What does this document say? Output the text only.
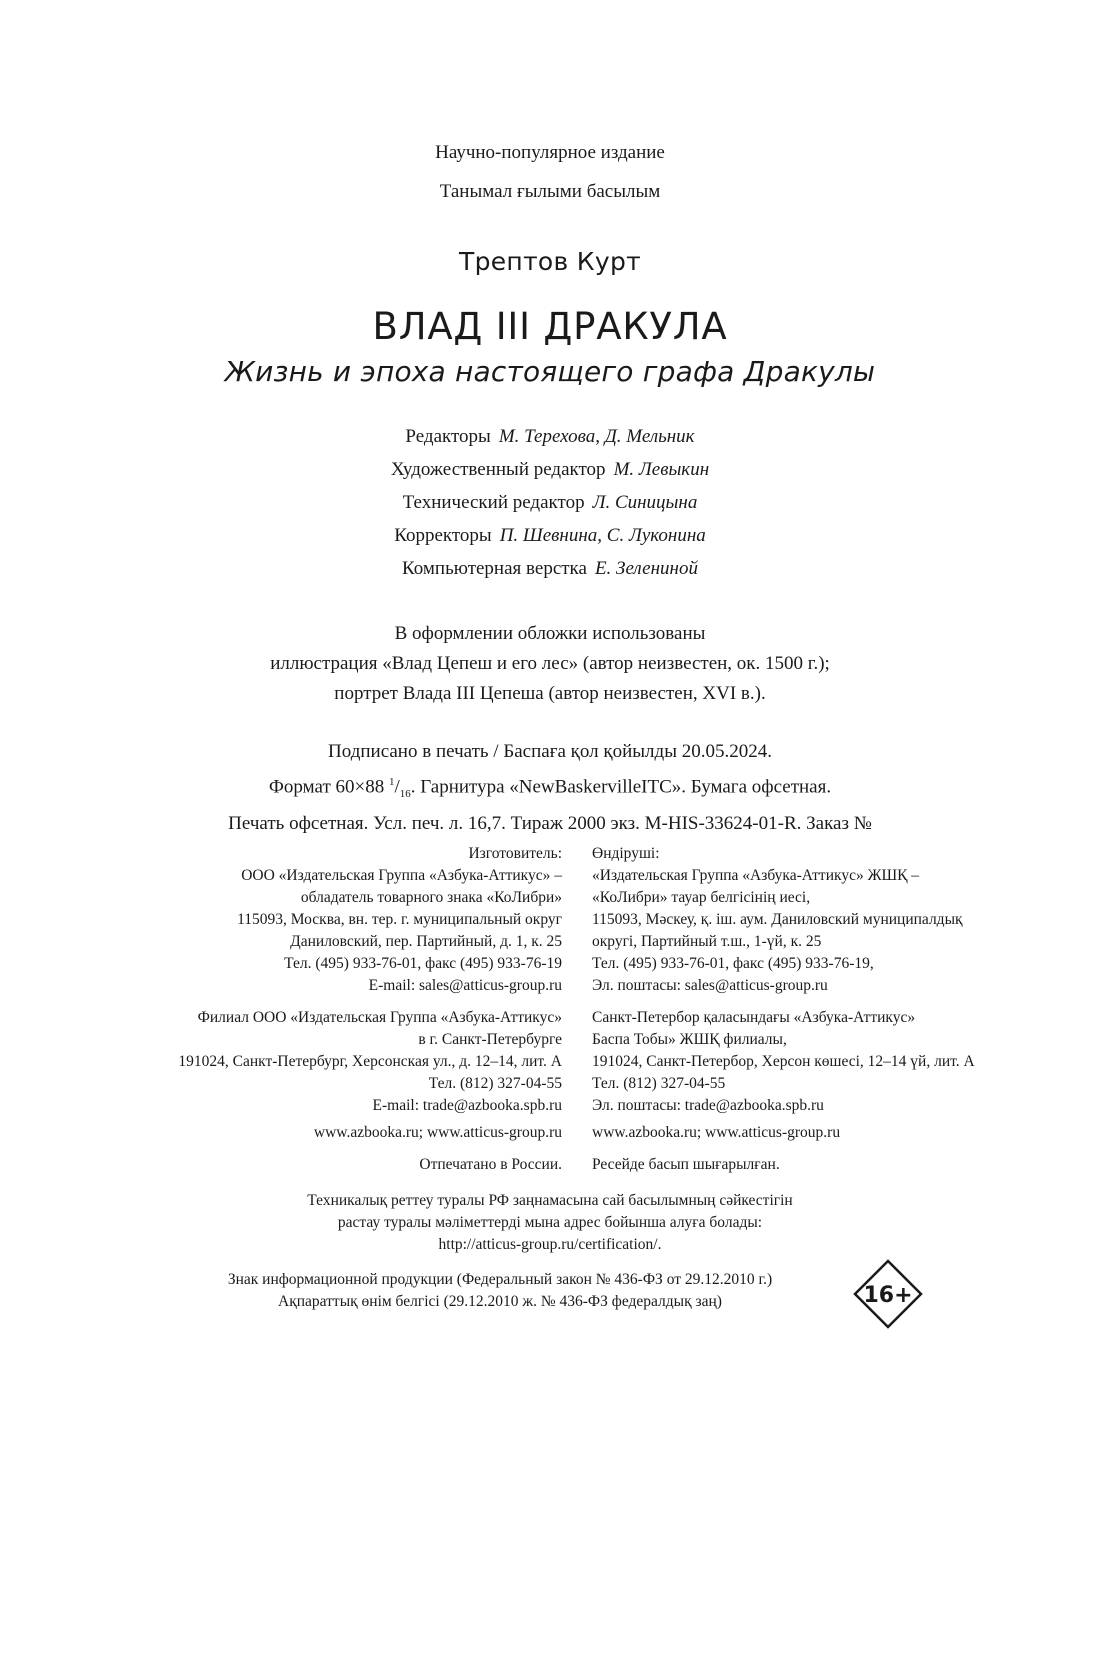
Научно-популярное издание
Танымал ғылыми басылым
Трептов Курт
ВЛАД III ДРАКУЛА
Жизнь и эпоха настоящего графа Дракулы
Редакторы М. Терехова, Д. Мельник
Художественный редактор М. Левыкин
Технический редактор Л. Синицына
Корректоры П. Шевнина, С. Луконина
Компьютерная верстка Е. Зелениной
В оформлении обложки использованы
иллюстрация «Влад Цепеш и его лес» (автор неизвестен, ок. 1500 г.);
портрет Влада III Цепеша (автор неизвестен, XVI в.).
Подписано в печать / Баспаға қол қойылды 20.05.2024.
Формат 60×88 $^1/_{16}$. Гарнитура «NewBaskervilleITC». Бумага офсетная.
Печать офсетная. Усл. печ. л. 16,7. Тираж 2000 экз. M-HIS-33624-01-R. Заказ №
Изготовитель:
ООО «Издательская Группа «Азбука-Аттикус» –
обладатель товарного знака «КоЛибри»
115093, Москва, вн. тер. г. муниципальный округ
Даниловский, пер. Партийный, д. 1, к. 25
Тел. (495) 933-76-01, факс (495) 933-76-19
E-mail: sales@atticus-group.ru
Өндіруші:
«Издательская Группа «Азбука-Аттикус» ЖШҚ –
«КоЛибри» тауар белгісінің иесі,
115093, Мәскеу, қ. іш. аум. Даниловский муниципалдық
округі, Партийный т.ш., 1-үй, к. 25
Тел. (495) 933-76-01, факс (495) 933-76-19,
Эл. поштасы: sales@atticus-group.ru
Филиал ООО «Издательская Группа «Азбука-Аттикус»
в г. Санкт-Петербурге
191024, Санкт-Петербург, Херсонская ул., д. 12–14, лит. А
Тел. (812) 327-04-55
E-mail: trade@azbooka.spb.ru
Санкт-Петербор қаласындағы «Азбука-Аттикус»
Баспа Тобы» ЖШҚ филиалы,
191024, Санкт-Петербор, Херсон көшесі, 12–14 үй, лит. А
Тел. (812) 327-04-55
Эл. поштасы: trade@azbooka.spb.ru
www.azbooka.ru; www.atticus-group.ru www.azbooka.ru; www.atticus-group.ru
Отпечатано в России. Ресейде басып шығарылған.
Техникалық реттеу туралы РФ заңнамасына сай басылымның сәйкестігін
растау туралы мәліметтерді мына адрес бойынша алуға болады:
http://atticus-group.ru/certification/.
Знак информационной продукции (Федеральный закон № 436-ФЗ от 29.12.2010 г.)
Ақпараттық өнім белгісі (29.12.2010 ж. № 436-ФЗ федералдық заң)	16+
